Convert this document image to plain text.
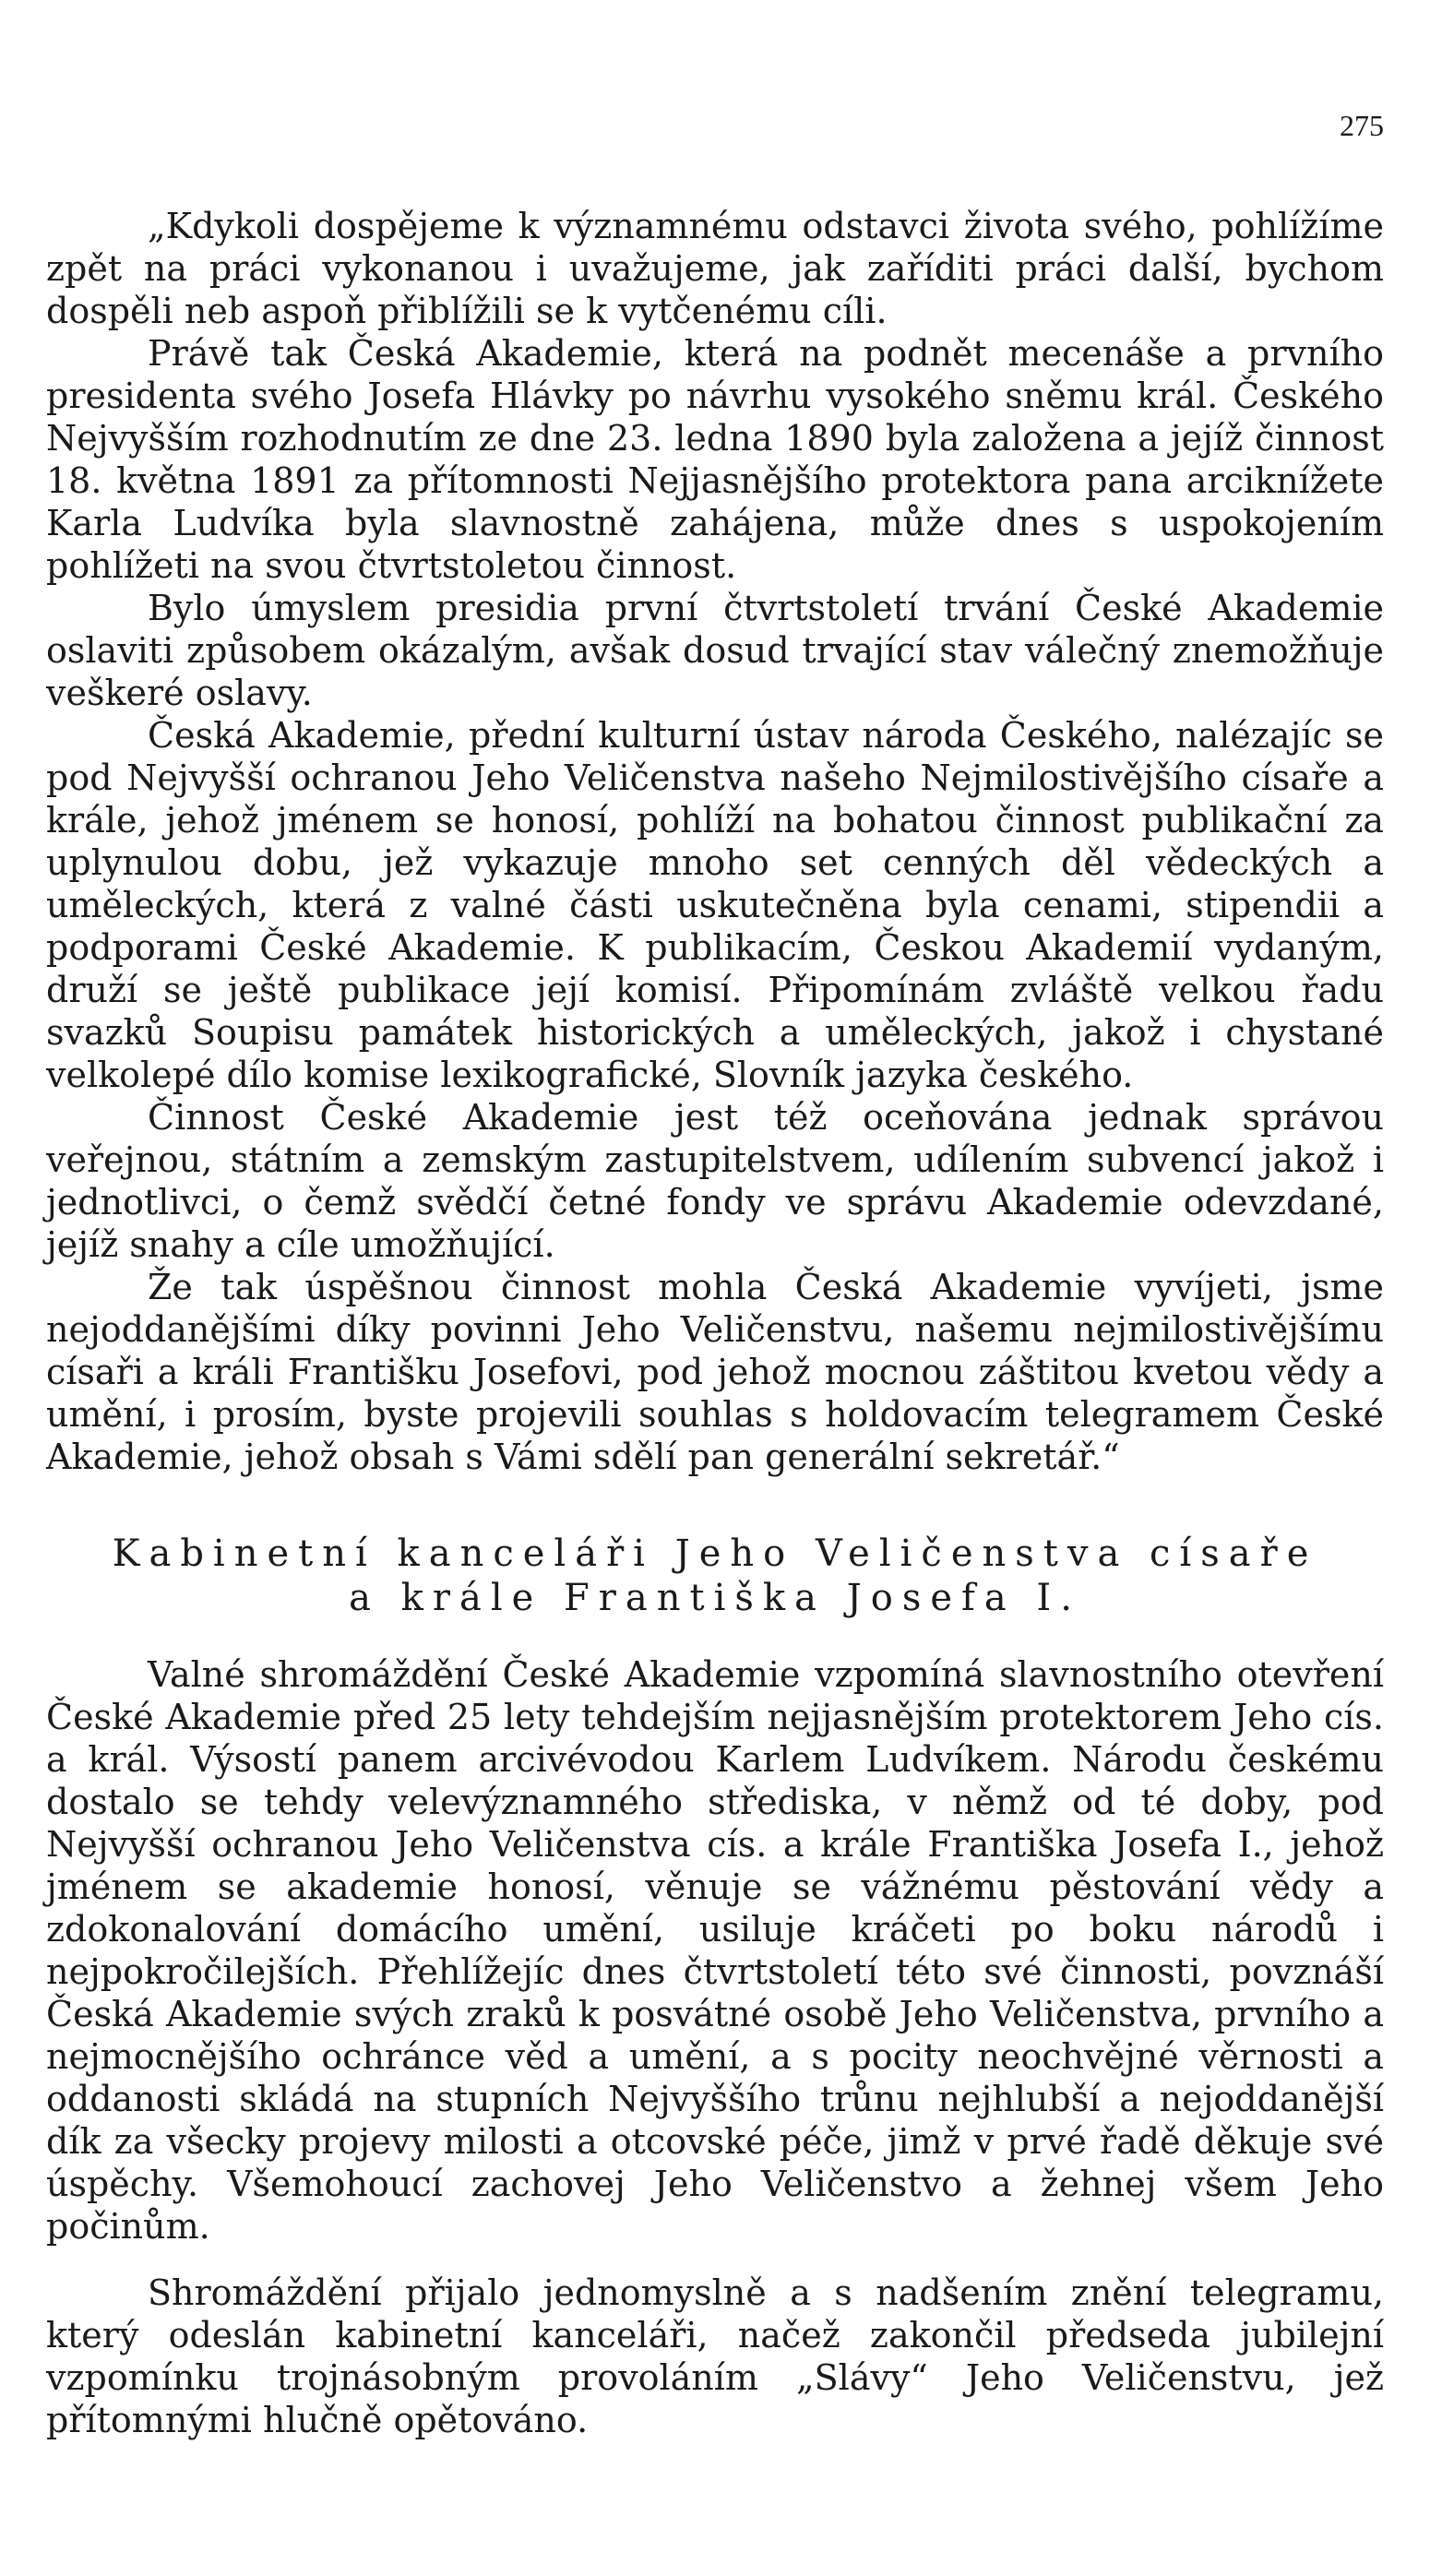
275

„Kdykoli dospějeme k významnému odstavci života svého, pohlížíme zpět na práci vykonanou i uvažujeme, jak zaříditi práci další, bychom dospěli neb aspoň přiblížili se k vytčenému cíli.

Právě tak Česká Akademie, která na podnět mecenáše a prvního presidenta svého Josefa Hlávky po návrhu vysokého sněmu král. Českého Nejvyšším rozhodnutím ze dne 23. ledna 1890 byla založena a jejíž činnost 18. května 1891 za přítomnosti Nejjasnějšího protektora pana arciknížete Karla Ludvíka byla slavnostně zahájena, může dnes s uspokojením pohlížeti na svou čtvrtstoletou činnost.

Bylo úmyslem presidia první čtvrtstoletí trvání České Akademie oslaviti způsobem okázalým, avšak dosud trvající stav válečný znemožňuje veškeré oslavy.

Česká Akademie, přední kulturní ústav národa Českého, nalézajíc se pod Nejvyšší ochranou Jeho Veličenstva našeho Nejmilostivějšího císaře a krále, jehož jménem se honosí, pohlíží na bohatou činnost publikační za uplynulou dobu, jež vykazuje mnoho set cenných děl vědeckých a uměleckých, která z valné části uskutečněna byla cenami, stipendii a podporami České Akademie. K publikacím, Českou Akademií vydaným, druží se ještě publikace její komisí. Připomínám zvláště velkou řadu svazků Soupisu památek historických a uměleckých, jakož i chystané velkolepé dílo komise lexikografické, Slovník jazyka českého.

Činnost České Akademie jest též oceňována jednak správou veřejnou, státním a zemským zastupitelstvem, udílením subvencí jakož i jednotlivci, o čemž svědčí četné fondy ve správu Akademie odevzdané, jejíž snahy a cíle umožňující.

Že tak úspěšnou činnost mohla Česká Akademie vyvíjeti, jsme nejoddanějšími díky povinni Jeho Veličenstvu, našemu nejmilostivějšímu císaři a králi Františku Josefovi, pod jehož mocnou záštitou kvetou vědy a umění, i prosím, byste projevili souhlas s holdovacím telegramem České Akademie, jehož obsah s Vámi sdělí pan generální sekretář.“

Kabinetní kanceláři Jeho Veličenstva císaře
a krále Františka Josefa I.

Valné shromáždění České Akademie vzpomíná slavnostního otevření České Akademie před 25 lety tehdejším nejjasnějším protektorem Jeho cís. a král. Výsostí panem arcivévodou Karlem Ludvíkem. Národu českému dostalo se tehdy velevýznamného střediska, v němž od té doby, pod Nejvyšší ochranou Jeho Veličenstva cís. a krále Františka Josefa I., jehož jménem se akademie honosí, věnuje se vážnému pěstování vědy a zdokonalování domácího umění, usiluje kráčeti po boku národů i nejpokročilejších. Přehlížejíc dnes čtvrtstoletí této své činnosti, povznáší Česká Akademie svých zraků k posvátné osobě Jeho Veličenstva, prvního a nejmocnějšího ochránce věd a umění, a s pocity neochvějné věrnosti a oddanosti skládá na stupních Nejvyššího trůnu nejhlubší a nejoddanější dík za všecky projevy milosti a otcovské péče, jimž v prvé řadě děkuje své úspěchy. Všemohoucí zachovej Jeho Veličenstvo a žehnej všem Jeho počinům.

Shromáždění přijalo jednomyslně a s nadšením znění telegramu, který odeslán kabinetní kanceláři, načež zakončil předseda jubilejní vzpomínku trojnásobným provoláním „Slávy“ Jeho Veličenstvu, jež přítomnými hlučně opětováno.
